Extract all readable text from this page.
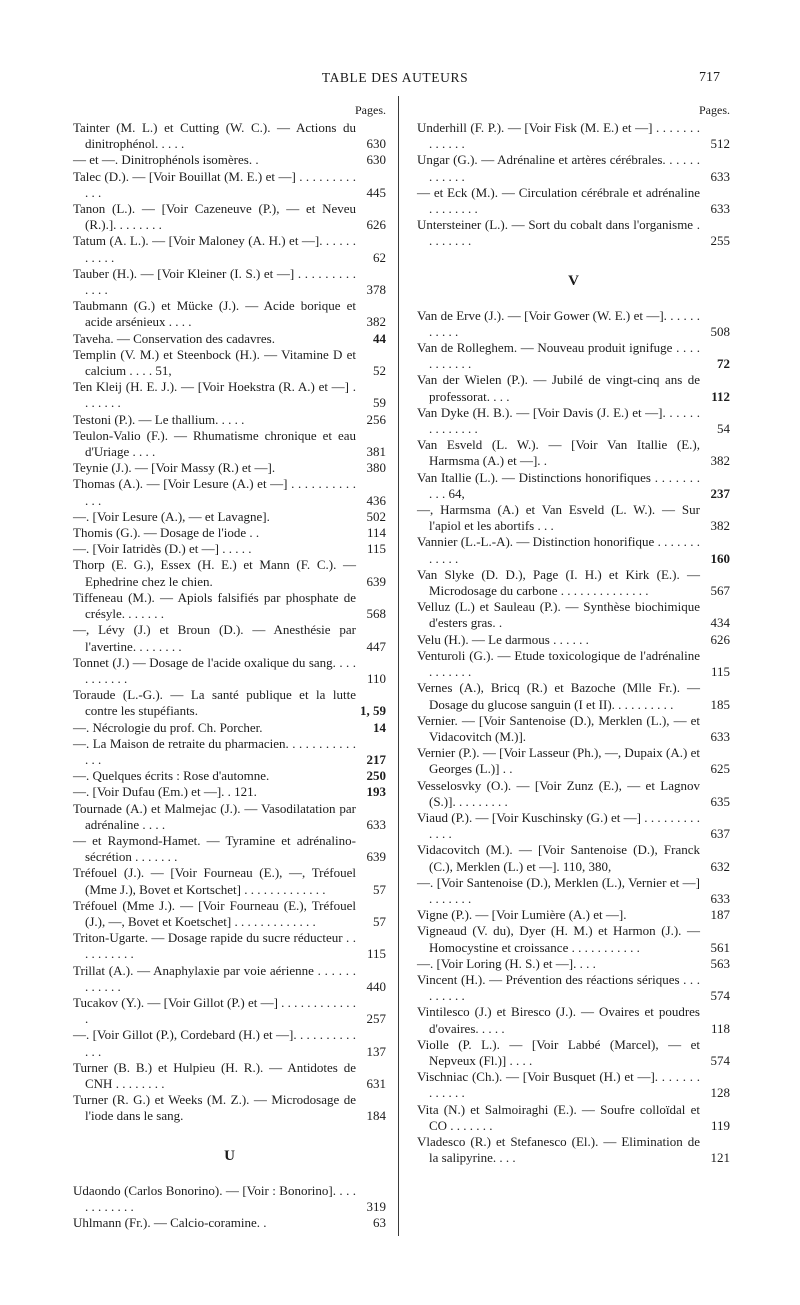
TABLE DES AUTEURS	717
Pages.
Tainter (M. L.) et Cutting (W. C.). — Actions du dinitrophénol. . . . .	630
— et —. Dinitrophénols isomères. .	630
Talec (D.). — [Voir Bouillat (M. E.) et —] . . . . . . . . . . . .	445
Tanon (L.). — [Voir Cazeneuve (P.), — et Neveu (R.).]. . . . . . . .	626
Tatum (A. L.). — [Voir Maloney (A. H.) et —]. . . . . . . . . . .	62
Tauber (H.). — [Voir Kleiner (I. S.) et —] . . . . . . . . . . . . .	378
Taubmann (G.) et Mücke (J.). — Acide borique et acide arsénieux . . . .	382
Taveha. — Conservation des cadavres.	44
Templin (V. M.) et Steenbock (H.). — Vitamine D et calcium . . . . 51,	52
Ten Kleij (H. E. J.). — [Voir Hoekstra (R. A.) et —] . . . . . . .	59
Testoni (P.). — Le thallium. . . . .	256
Teulon-Valio (F.). — Rhumatisme chronique et eau d'Uriage . . . .	381
Teynie (J.). — [Voir Massy (R.) et —].	380
Thomas (A.). — [Voir Lesure (A.) et —] . . . . . . . . . . . . .	436
—. [Voir Lesure (A.), — et Lavagne].	502
Thomis (G.). — Dosage de l'iode . .	114
—. [Voir Iatridès (D.) et —] . . . . .	115
Thorp (E. G.), Essex (H. E.) et Mann (F. C.). — Ephedrine chez le chien.	639
Tiffeneau (M.). — Apiols falsifiés par phosphate de crésyle. . . . . . .	568
—, Lévy (J.) et Broun (D.). — Anesthésie par l'avertine. . . . . . . .	447
Tonnet (J.) — Dosage de l'acide oxalique du sang. . . . . . . . . . .	110
Toraude (L.-G.). — La santé publique et la lutte contre les stupéfiants.	1, 59
—. Nécrologie du prof. Ch. Porcher.	14
—. La Maison de retraite du pharmacien. . . . . . . . . . . . . .	217
—. Quelques écrits : Rose d'automne.	250
—. [Voir Dufau (Em.) et —]. . 121.	193
Tournade (A.) et Malmejac (J.). — Vasodilatation par adrénaline . . . .	633
— et Raymond-Hamet. — Tyramine et adrénalino-sécrétion . . . . . . .	639
Tréfouel (J.). — [Voir Fourneau (E.), —, Tréfouel (Mme J.), Bovet et Kortschet] . . . . . . . . . . . . .	57
Tréfouel (Mme J.). — [Voir Fourneau (E.), Tréfouel (J.), —, Bovet et Koetschet] . . . . . . . . . . . . .	57
Triton-Ugarte. — Dosage rapide du sucre réducteur . . . . . . . . . .	115
Trillat (A.). — Anaphylaxie par voie aérienne . . . . . . . . . . . .	440
Tucakov (Y.). — [Voir Gillot (P.) et —] . . . . . . . . . . . . .	257
—. [Voir Gillot (P.), Cordebard (H.) et —]. . . . . . . . . . . . .	137
Turner (B. B.) et Hulpieu (H. R.). — Antidotes de CNH . . . . . . . .	631
Turner (R. G.) et Weeks (M. Z.). — Microdosage de l'iode dans le sang.	184
U
Udaondo (Carlos Bonorino). — [Voir : Bonorino]. . . . . . . . . . . .	319
Uhlmann (Fr.). — Calcio-coramine. .	63
Pages.
Underhill (F. P.). — [Voir Fisk (M. E.) et —] . . . . . . . . . . . . .	512
Ungar (G.). — Adrénaline et artères cérébrales. . . . . . . . . . . .	633
— et Eck (M.). — Circulation cérébrale et adrénaline . . . . . . . .	633
Untersteiner (L.). — Sort du cobalt dans l'organisme . . . . . . . .	255
V
Van de Erve (J.). — [Voir Gower (W. E.) et —]. . . . . . . . . . .	508
Van de Rolleghem. — Nouveau produit ignifuge . . . . . . . . . . .	72
Van der Wielen (P.). — Jubilé de vingt-cinq ans de professorat. . . .	112
Van Dyke (H. B.). — [Voir Davis (J. E.) et —]. . . . . . . . . . . . . .	54
Van Esveld (L. W.). — [Voir Van Itallie (E.), Harmsma (A.) et —]. .	382
Van Itallie (L.). — Distinctions honorifiques . . . . . . . . . . 64,	237
—, Harmsma (A.) et Van Esveld (L. W.). — Sur l'apiol et les abortifs . . .	382
Vannier (L.-L.-A). — Distinction honorifique . . . . . . . . . . . .	160
Van Slyke (D. D.), Page (I. H.) et Kirk (E.). — Microdosage du carbone . . . . . . . . . . . . . .	567
Velluz (L.) et Sauleau (P.). — Synthèse biochimique d'esters gras. .	434
Velu (H.). — Le darmous . . . . . .	626
Venturoli (G.). — Etude toxicologique de l'adrénaline . . . . . . .	115
Vernes (A.), Bricq (R.) et Bazoche (Mlle Fr.). — Dosage du glucose sanguin (I et II). . . . . . . . . .	185
Vernier. — [Voir Santenoise (D.), Merklen (L.), — et Vidacovitch (M.)].	633
Vernier (P.). — [Voir Lasseur (Ph.), —, Dupaix (A.) et Georges (L.)] . .	625
Vesselosvky (O.). — [Voir Zunz (E.), — et Lagnov (S.)]. . . . . . . . .	635
Viaud (P.). — [Voir Kuschinsky (G.) et —] . . . . . . . . . . . . .	637
Vidacovitch (M.). — [Voir Santenoise (D.), Franck (C.), Merklen (L.) et —]. 110, 380,	632
—. [Voir Santenoise (D.), Merklen (L.), Vernier et —] . . . . . . .	633
Vigne (P.). — [Voir Lumière (A.) et —].	187
Vigneaud (V. du), Dyer (H. M.) et Harmon (J.). — Homocystine et croissance . . . . . . . . . . .	561
—. [Voir Loring (H. S.) et —]. . . .	563
Vincent (H.). — Prévention des réactions sériques . . . . . . . . .	574
Vintilesco (J.) et Biresco (J.). — Ovaires et poudres d'ovaires. . . . .	118
Violle (P. L.). — [Voir Labbé (Marcel), — et Nepveux (Fl.)] . . . .	574
Vischniac (Ch.). — [Voir Busquet (H.) et —]. . . . . . . . . . . . .	128
Vita (N.) et Salmoiraghi (E.). — Soufre colloïdal et CO . . . . . . .	119
Vladesco (R.) et Stefanesco (El.). — Elimination de la salipyrine. . . .	121
